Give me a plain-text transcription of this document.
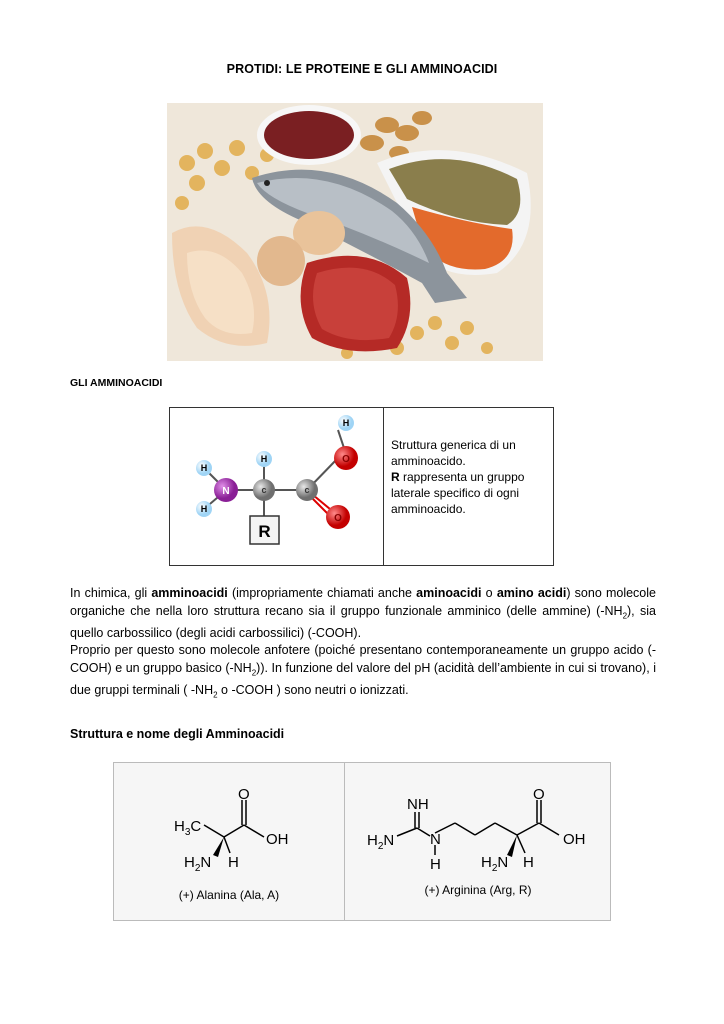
PROTIDI: LE PROTEINE E GLI AMMINOACIDI
GLI AMMINOACIDI
H
H
H
H
N	c	c
O
O
R
Struttura generica di un amminoacido.
R rappresenta un gruppo laterale specifico di ogni amminoacido.

In chimica, gli amminoacidi (impropriamente chiamati anche aminoacidi o amino acidi) sono molecole organiche che nella loro struttura recano sia il gruppo funzionale amminico (delle ammine) $(-NH_2)$, sia quello carbossilico (degli acidi carbossilici) (-COOH).

Proprio per questo sono molecole anfotere (poiché presentano contemporaneamente un gruppo acido (-COOH) e un gruppo basico $(-NH_2)$). In funzione del valore del pH (acidità dell’ambiente in cui si trovano), i due gruppi terminali ( $-NH_2$ o -COOH ) sono neutri o ionizzati.

Struttura e nome degli Amminoacidi
O
OH
$H_3C$
$H_2N$ H
(+) Alanina (Ala, A)
NH
$H_2N$ N
H
O
OH
$H_2N$ H
(+) Arginina (Arg, R)
